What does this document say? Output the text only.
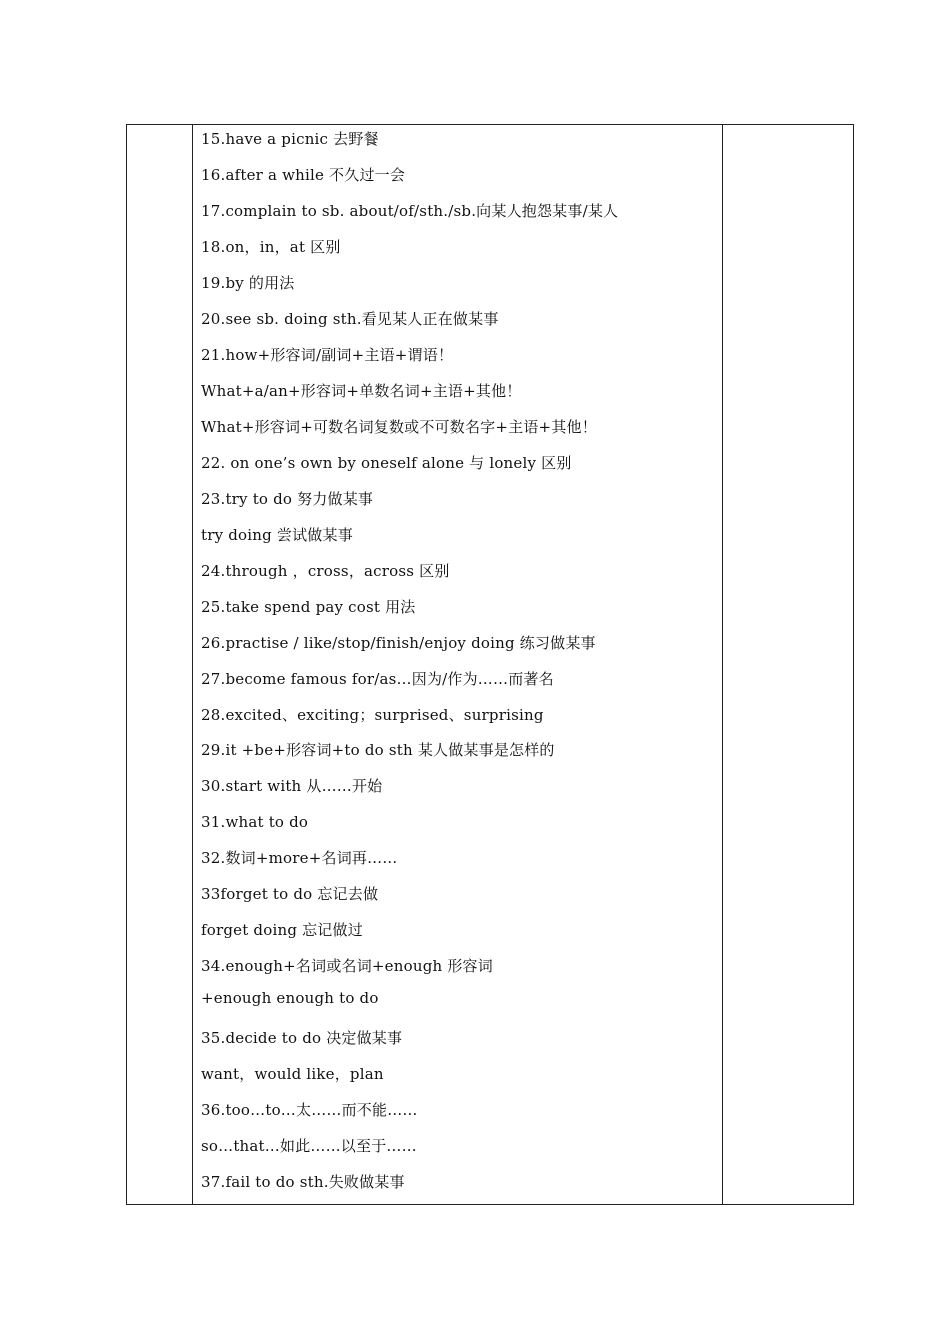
15.have a picnic 去野餐
16.after a while 不久过一会
17.complain to sb. about/of/sth./sb.向某人抱怨某事/某人
18.on，in，at 区别
19.by 的用法
20.see sb. doing sth.看见某人正在做某事
21.how+形容词/副词+主语+谓语！
What+a/an+形容词+单数名词+主语+其他！
What+形容词+可数名词复数或不可数名字+主语+其他！
22. on one’s own by oneself alone 与 lonely 区别
23.try to do 努力做某事
try doing 尝试做某事
24.through ，cross，across 区别
25.take spend pay cost 用法
26.practise / like/stop/finish/enjoy doing 练习做某事
27.become famous for/as…因为/作为……而著名
28.excited、exciting；surprised、surprising
29.it +be+形容词+to do sth 某人做某事是怎样的
30.start with 从……开始
31.what to do
32.数词+more+名词再……
33forget to do 忘记去做
forget doing 忘记做过
34.enough+名词或名词+enough 形容词
+enough enough to do
35.decide to do 决定做某事
want，would like，plan
36.too…to…太……而不能……
so…that…如此……以至于……
37.fail to do sth.失败做某事
